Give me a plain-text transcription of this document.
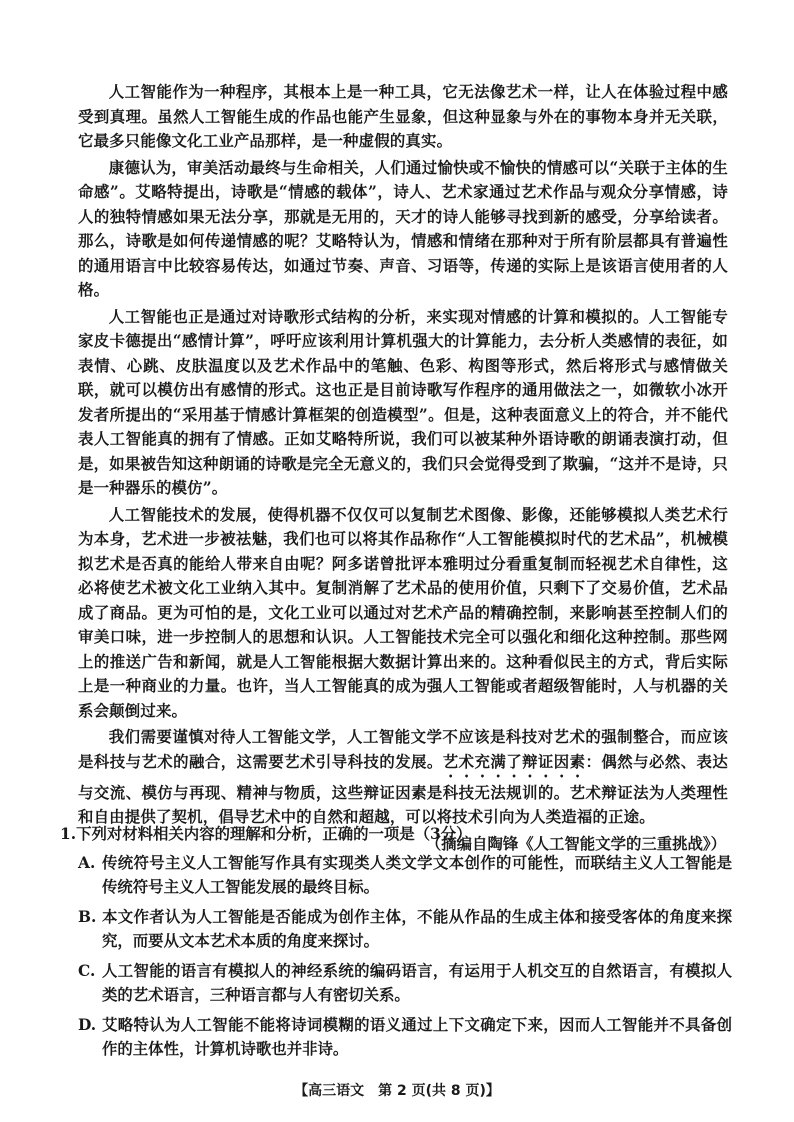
人工智能作为一种程序，其根本上是一种工具，它无法像艺术一样，让人在体验过程中感受到真理。虽然人工智能生成的作品也能产生显象，但这种显象与外在的事物本身并无关联，它最多只能像文化工业产品那样，是一种虚假的真实。

康德认为，审美活动最终与生命相关，人们通过愉快或不愉快的情感可以“关联于主体的生命感”。艾略特提出，诗歌是“情感的载体”，诗人、艺术家通过艺术作品与观众分享情感，诗人的独特情感如果无法分享，那就是无用的，天才的诗人能够寻找到新的感受，分享给读者。那么，诗歌是如何传递情感的呢？艾略特认为，情感和情绪在那种对于所有阶层都具有普遍性的通用语言中比较容易传达，如通过节奏、声音、习语等，传递的实际上是该语言使用者的人格。

人工智能也正是通过对诗歌形式结构的分析，来实现对情感的计算和模拟的。人工智能专家皮卡德提出“感情计算”，呼吁应该利用计算机强大的计算能力，去分析人类感情的表征，如表情、心跳、皮肤温度以及艺术作品中的笔触、色彩、构图等形式，然后将形式与感情做关联，就可以模仿出有感情的形式。这也正是目前诗歌写作程序的通用做法之一，如微软小冰开发者所提出的“采用基于情感计算框架的创造模型”。但是，这种表面意义上的符合，并不能代表人工智能真的拥有了情感。正如艾略特所说，我们可以被某种外语诗歌的朗诵表演打动，但是，如果被告知这种朗诵的诗歌是完全无意义的，我们只会觉得受到了欺骗，“这并不是诗，只是一种器乐的模仿”。

人工智能技术的发展，使得机器不仅仅可以复制艺术图像、影像，还能够模拟人类艺术行为本身，艺术进一步被祛魅，我们也可以将其作品称作“人工智能模拟时代的艺术品”，机械模拟艺术是否真的能给人带来自由呢？阿多诺曾批评本雅明过分看重复制而轻视艺术自律性，这必将使艺术被文化工业纳入其中。复制消解了艺术品的使用价值，只剩下了交易价值，艺术品成了商品。更为可怕的是，文化工业可以通过对艺术产品的精确控制，来影响甚至控制人们的审美口味，进一步控制人的思想和认识。人工智能技术完全可以强化和细化这种控制。那些网上的推送广告和新闻，就是人工智能根据大数据计算出来的。这种看似民主的方式，背后实际上是一种商业的力量。也许，当人工智能真的成为强人工智能或者超级智能时，人与机器的关系会颠倒过来。

我们需要谨慎对待人工智能文学，人工智能文学不应该是科技对艺术的强制整合，而应该是科技与艺术的融合，这需要艺术引导科技的发展。艺术充满了辩证因素：偶然与必然、表达与交流、模仿与再现、精神与物质，这些辩证因素是科技无法规训的。艺术辩证法为人类理性和自由提供了契机，倡导艺术中的自然和超越，可以将技术引向为人类造福的正途。

（摘编自陶锋《人工智能文学的三重挑战》）

1.下列对材料相关内容的理解和分析，正确的一项是（3分）

A. 传统符号主义人工智能写作具有实现类人类文学文本创作的可能性，而联结主义人工智能是传统符号主义人工智能发展的最终目标。
B. 本文作者认为人工智能是否能成为创作主体，不能从作品的生成主体和接受客体的角度来探究，而要从文本艺术本质的角度来探讨。
C. 人工智能的语言有模拟人的神经系统的编码语言，有运用于人机交互的自然语言，有模拟人类的艺术语言，三种语言都与人有密切关系。
D. 艾略特认为人工智能不能将诗词模糊的语义通过上下文确定下来，因而人工智能并不具备创作的主体性，计算机诗歌也并非诗。
【高三语文　第 2 页(共 8 页)】
